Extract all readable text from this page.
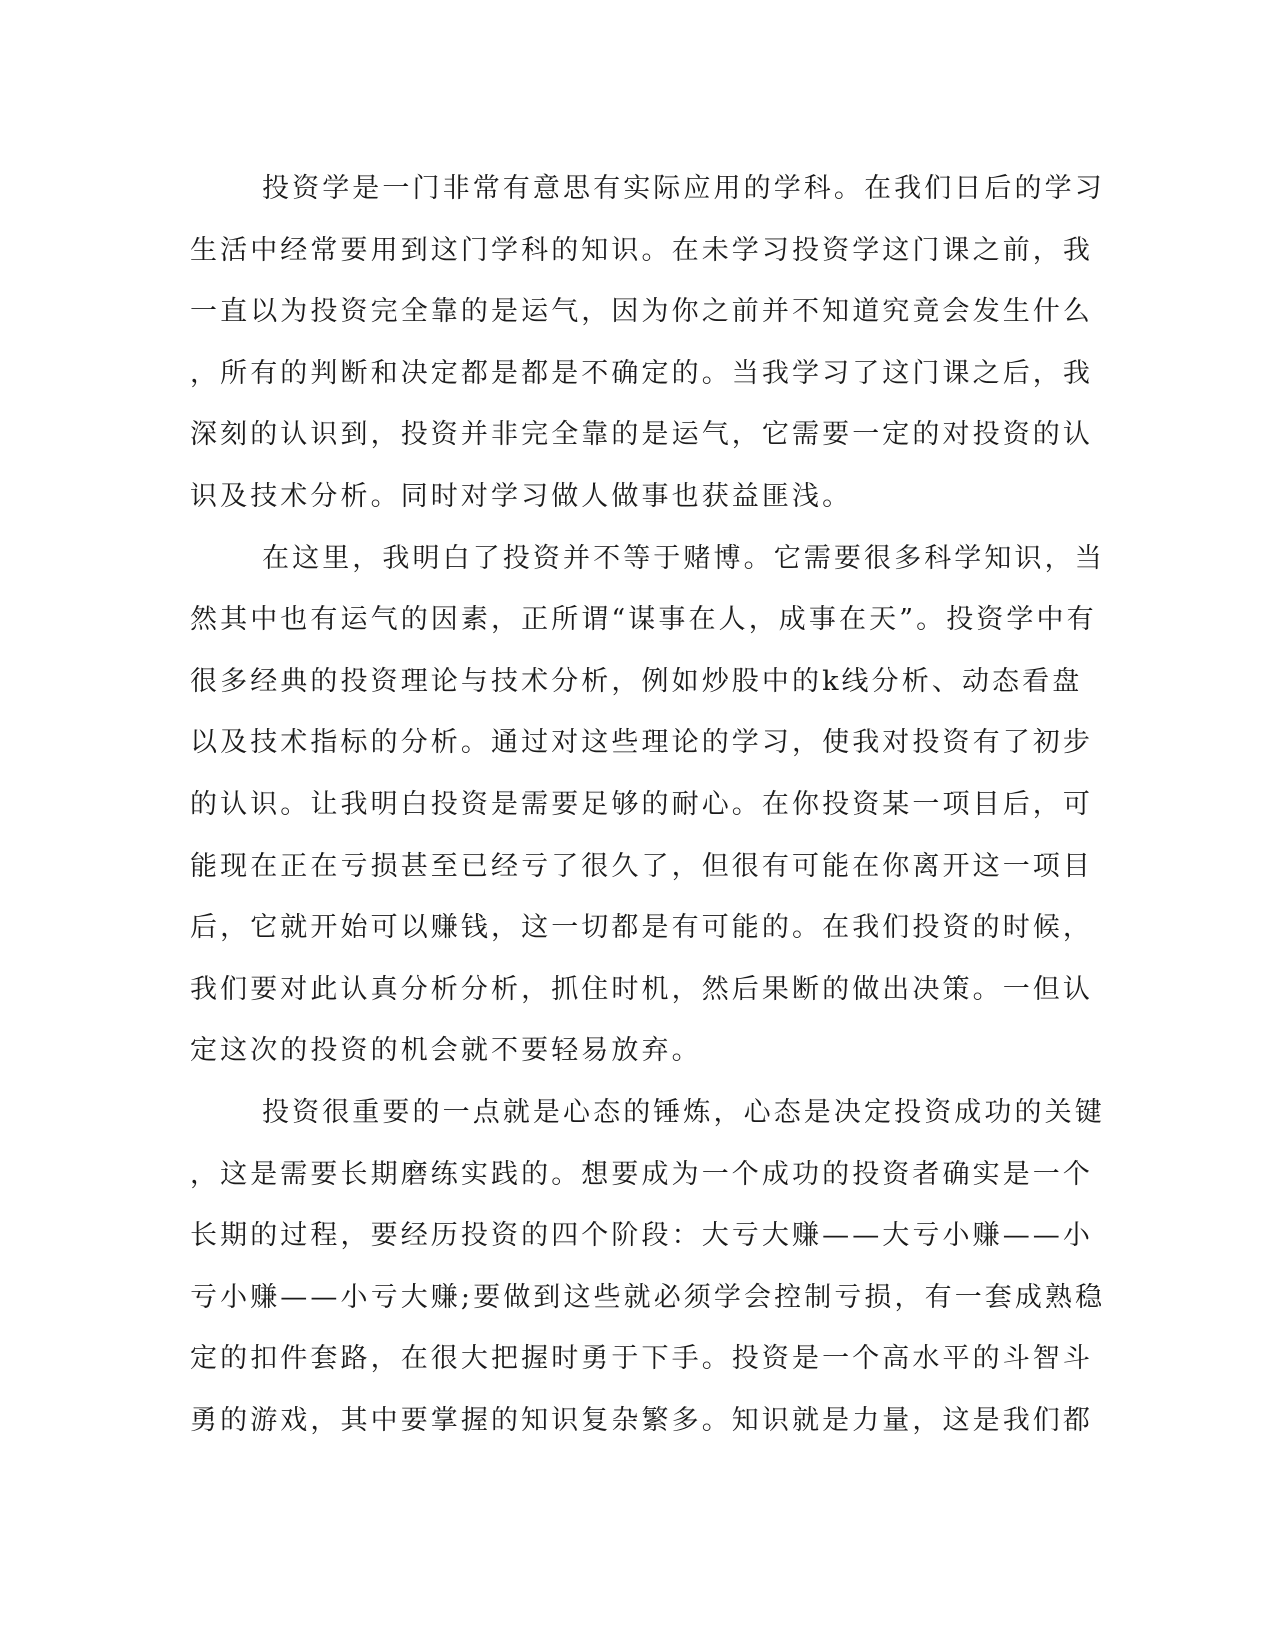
投资学是一门非常有意思有实际应用的学科。在我们日后的学习
生活中经常要用到这门学科的知识。在未学习投资学这门课之前，我
一直以为投资完全靠的是运气，因为你之前并不知道究竟会发生什么
，所有的判断和决定都是都是不确定的。当我学习了这门课之后，我
深刻的认识到，投资并非完全靠的是运气，它需要一定的对投资的认
识及技术分析。同时对学习做人做事也获益匪浅。
在这里，我明白了投资并不等于赌博。它需要很多科学知识，当
然其中也有运气的因素，正所谓“谋事在人，成事在天”。投资学中有
很多经典的投资理论与技术分析，例如炒股中的k线分析、动态看盘
以及技术指标的分析。通过对这些理论的学习，使我对投资有了初步
的认识。让我明白投资是需要足够的耐心。在你投资某一项目后，可
能现在正在亏损甚至已经亏了很久了，但很有可能在你离开这一项目
后，它就开始可以赚钱，这一切都是有可能的。在我们投资的时候，
我们要对此认真分析分析，抓住时机，然后果断的做出决策。一但认
定这次的投资的机会就不要轻易放弃。
投资很重要的一点就是心态的锤炼，心态是决定投资成功的关键
，这是需要长期磨练实践的。想要成为一个成功的投资者确实是一个
长期的过程，要经历投资的四个阶段：大亏大赚——大亏小赚——小
亏小赚——小亏大赚;要做到这些就必须学会控制亏损，有一套成熟稳
定的扣件套路，在很大把握时勇于下手。投资是一个高水平的斗智斗
勇的游戏，其中要掌握的知识复杂繁多。知识就是力量，这是我们都
